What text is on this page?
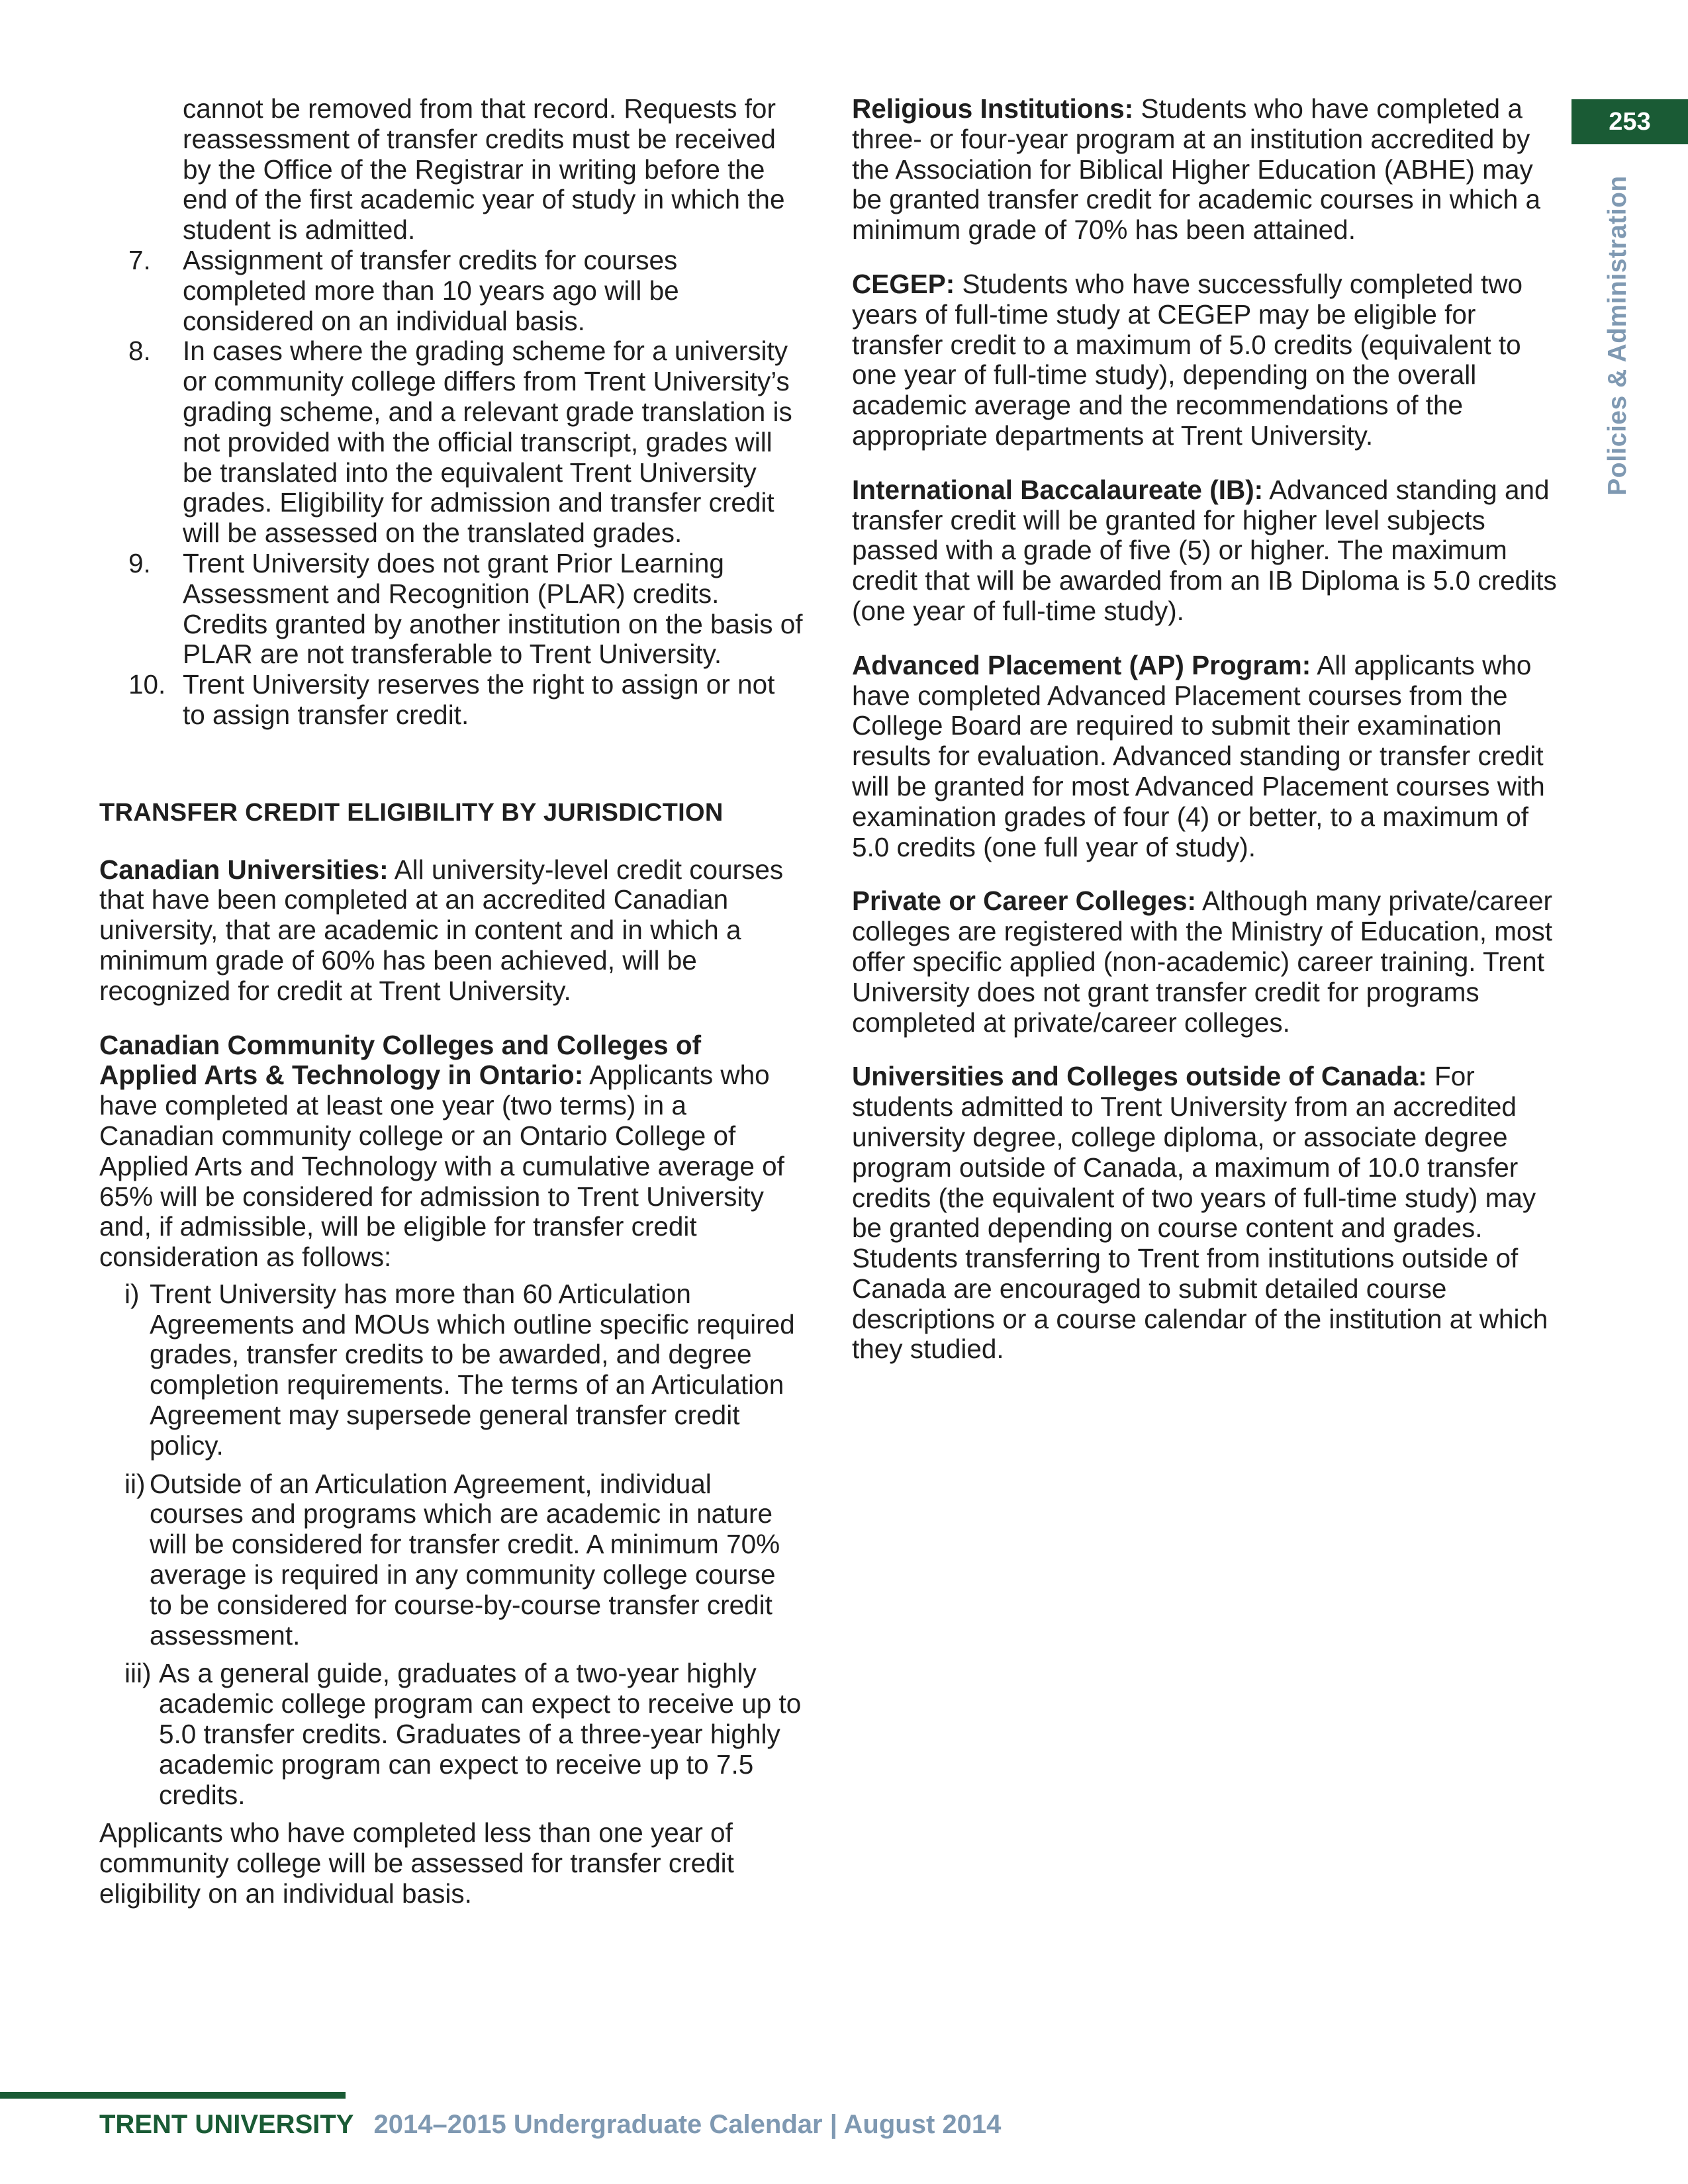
253
Policies & Administration

cannot be removed from that record. Requests for reassessment of transfer credits must be received by the Office of the Registrar in writing before the end of the first academic year of study in which the student is admitted.

7. Assignment of transfer credits for courses completed more than 10 years ago will be considered on an individual basis.
8. In cases where the grading scheme for a university or community college differs from Trent University’s grading scheme, and a relevant grade translation is not provided with the official transcript, grades will be translated into the equivalent Trent University grades. Eligibility for admission and transfer credit will be assessed on the translated grades.
9. Trent University does not grant Prior Learning Assessment and Recognition (PLAR) credits. Credits granted by another institution on the basis of PLAR are not transferable to Trent University.
10. Trent University reserves the right to assign or not to assign transfer credit.
TRANSFER CREDIT ELIGIBILITY BY JURISDICTION

Canadian Universities: All university-level credit courses that have been completed at an accredited Canadian university, that are academic in content and in which a minimum grade of 60% has been achieved, will be recognized for credit at Trent University.

Canadian Community Colleges and Colleges of Applied Arts & Technology in Ontario: Applicants who have completed at least one year (two terms) in a Canadian community college or an Ontario College of Applied Arts and Technology with a cumulative average of 65% will be considered for admission to Trent University and, if admissible, will be eligible for transfer credit consideration as follows:

i) Trent University has more than 60 Articulation Agreements and MOUs which outline specific required grades, transfer credits to be awarded, and degree completion requirements. The terms of an Articulation Agreement may supersede general transfer credit policy.
ii) Outside of an Articulation Agreement, individual courses and programs which are academic in nature will be considered for transfer credit. A minimum 70% average is required in any community college course to be considered for course-by-course transfer credit assessment.
iii) As a general guide, graduates of a two-year highly academic college program can expect to receive up to 5.0 transfer credits. Graduates of a three-year highly academic program can expect to receive up to 7.5 credits.

Applicants who have completed less than one year of community college will be assessed for transfer credit eligibility on an individual basis.

Religious Institutions: Students who have completed a three- or four-year program at an institution accredited by the Association for Biblical Higher Education (ABHE) may be granted transfer credit for academic courses in which a minimum grade of 70% has been attained.

CEGEP: Students who have successfully completed two years of full-time study at CEGEP may be eligible for transfer credit to a maximum of 5.0 credits (equivalent to one year of full-time study), depending on the overall academic average and the recommendations of the appropriate departments at Trent University.

International Baccalaureate (IB): Advanced standing and transfer credit will be granted for higher level subjects passed with a grade of five (5) or higher. The maximum credit that will be awarded from an IB Diploma is 5.0 credits (one year of full-time study).

Advanced Placement (AP) Program: All applicants who have completed Advanced Placement courses from the College Board are required to submit their examination results for evaluation. Advanced standing or transfer credit will be granted for most Advanced Placement courses with examination grades of four (4) or better, to a maximum of 5.0 credits (one full year of study).

Private or Career Colleges: Although many private/career colleges are registered with the Ministry of Education, most offer specific applied (non-academic) career training. Trent University does not grant transfer credit for programs completed at private/career colleges.

Universities and Colleges outside of Canada: For students admitted to Trent University from an accredited university degree, college diploma, or associate degree program outside of Canada, a maximum of 10.0 transfer credits (the equivalent of two years of full-time study) may be granted depending on course content and grades. Students transferring to Trent from institutions outside of Canada are encouraged to submit detailed course descriptions or a course calendar of the institution at which they studied.

TRENT UNIVERSITY 2014–2015 Undergraduate Calendar | August 2014
